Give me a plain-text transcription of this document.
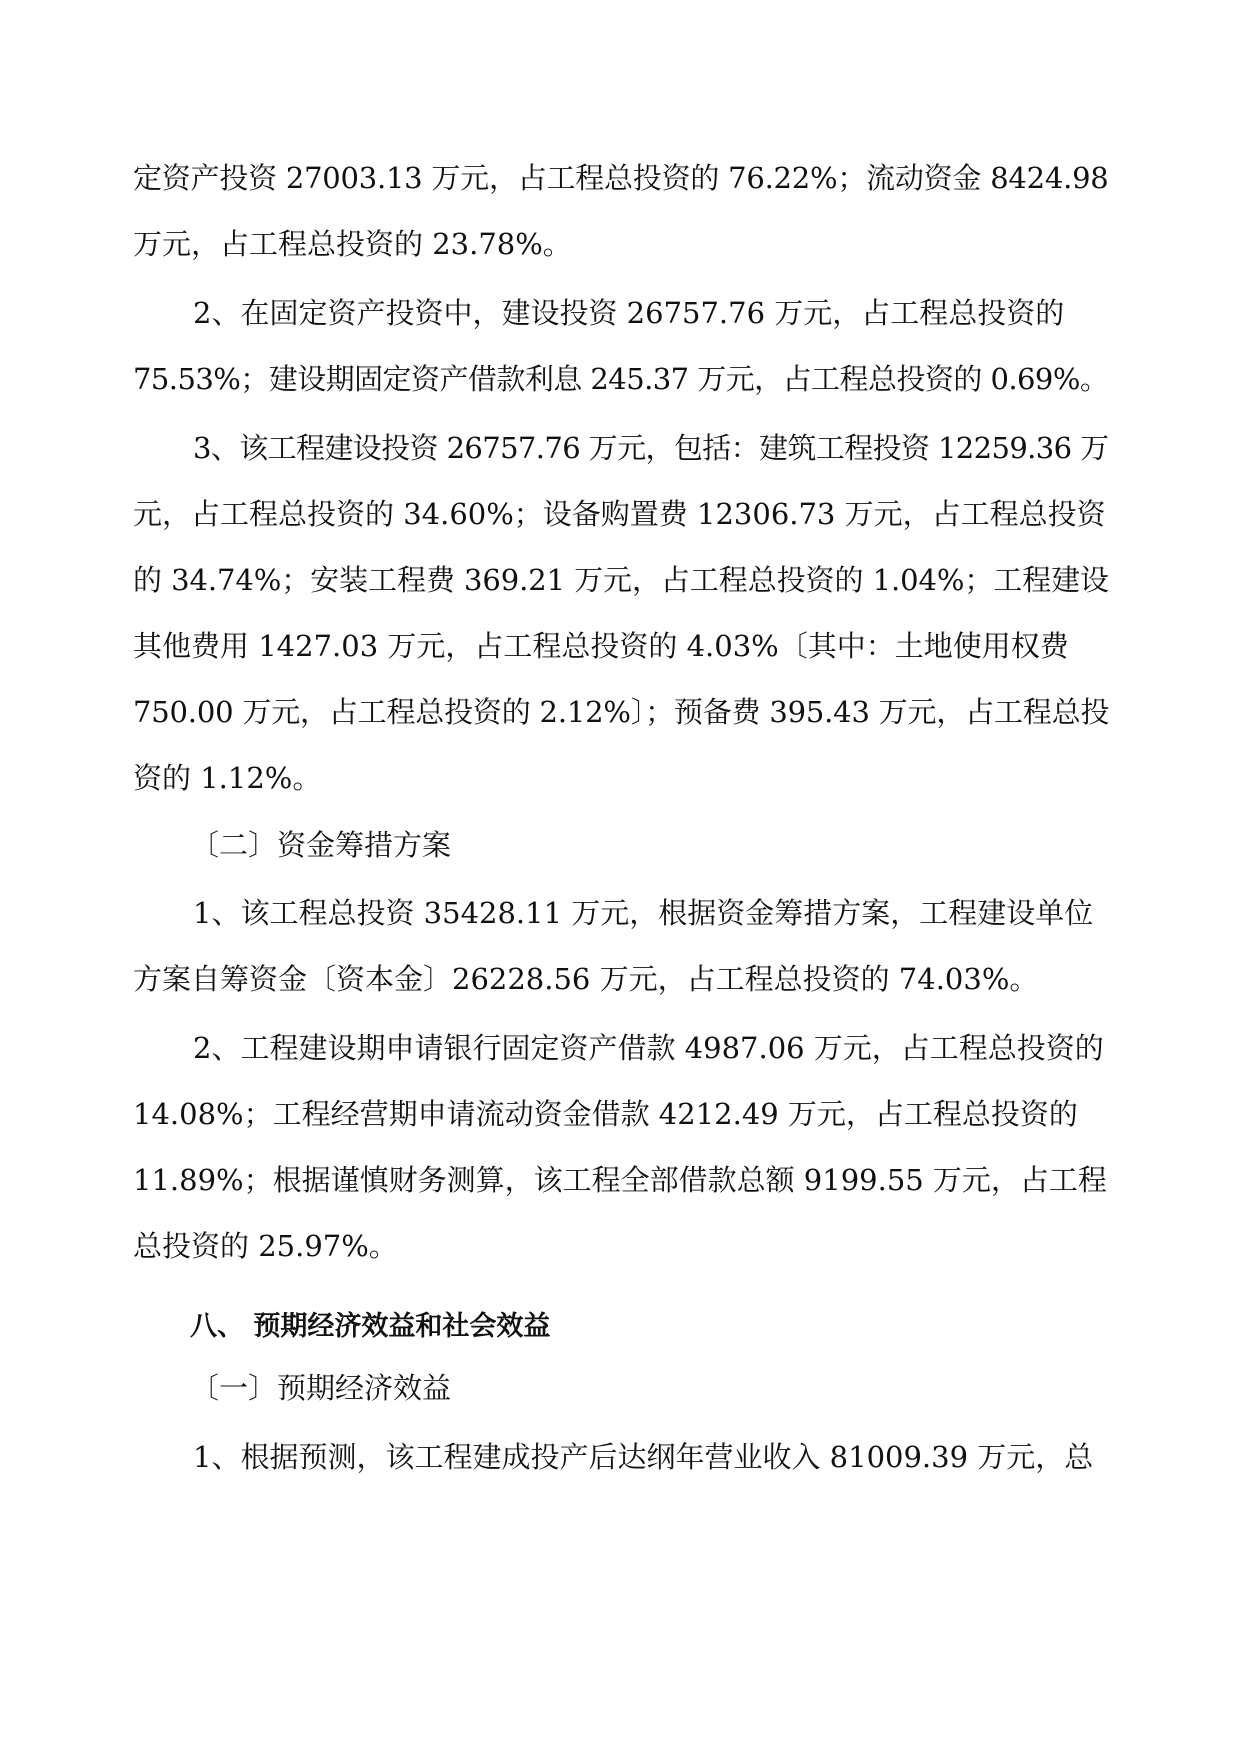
定资产投资 27003.13 万元，占工程总投资的 76.22%；流动资金 8424.98
万元，占工程总投资的 23.78%。
2、在固定资产投资中，建设投资 26757.76 万元，占工程总投资的
75.53%；建设期固定资产借款利息 245.37 万元，占工程总投资的 0.69%。
3、该工程建设投资 26757.76 万元，包括：建筑工程投资 12259.36 万
元，占工程总投资的 34.60%；设备购置费 12306.73 万元，占工程总投资
的 34.74%；安装工程费 369.21 万元，占工程总投资的 1.04%；工程建设
其他费用 1427.03 万元，占工程总投资的 4.03%〔其中：土地使用权费
750.00 万元，占工程总投资的 2.12%〕；预备费 395.43 万元，占工程总投
资的 1.12%。
〔二〕资金筹措方案
1、该工程总投资 35428.11 万元，根据资金筹措方案，工程建设单位
方案自筹资金〔资本金〕26228.56 万元，占工程总投资的 74.03%。
2、工程建设期申请银行固定资产借款 4987.06 万元，占工程总投资的
14.08%；工程经营期申请流动资金借款 4212.49 万元，占工程总投资的
11.89%；根据谨慎财务测算，该工程全部借款总额 9199.55 万元，占工程
总投资的 25.97%。
八、 预期经济效益和社会效益
〔一〕预期经济效益
1、根据预测，该工程建成投产后达纲年营业收入 81009.39 万元，总
